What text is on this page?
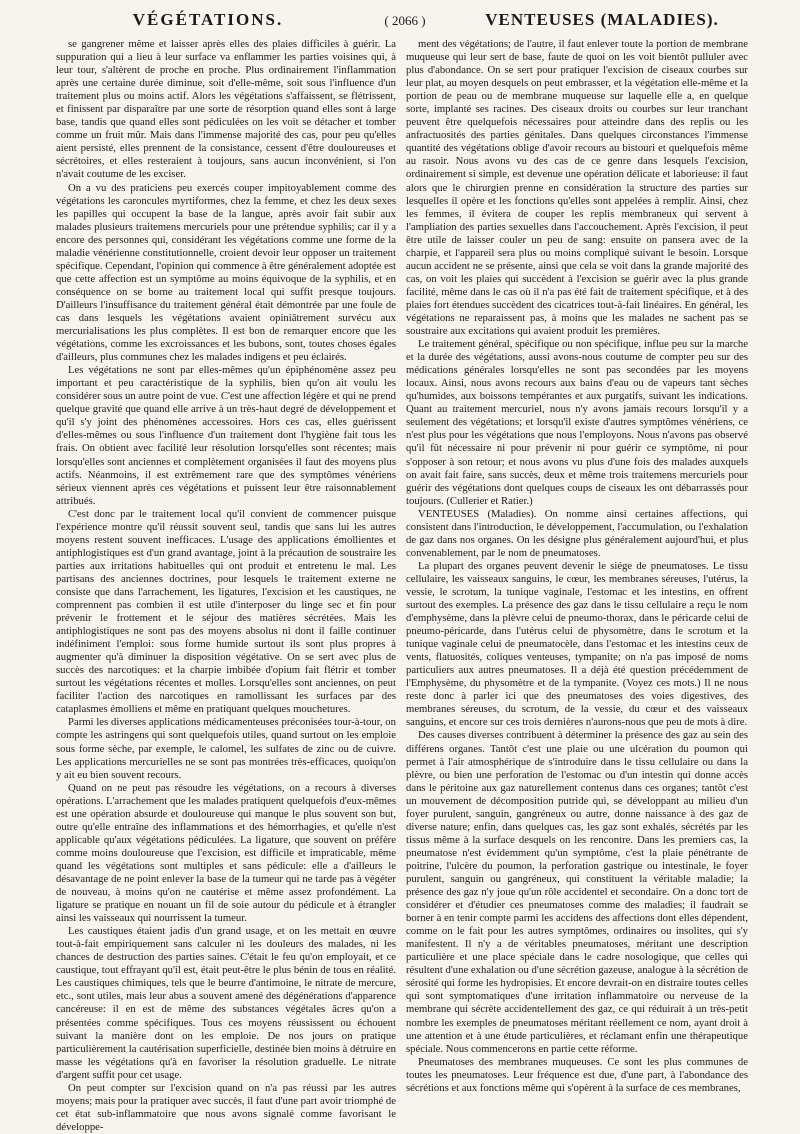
VÉGÉTATIONS.	( 2066 )	VENTEUSES (MALADIES).

se gangrener même et laisser après elles des plaies difficiles à guérir. La suppuration qui a lieu à leur surface va enflammer les parties voisines qui, à leur tour, s'altèrent de proche en proche. Plus ordinairement l'inflammation après une certaine durée diminue, soit d'elle-même, soit sous l'influence d'un traitement plus ou moins actif. Alors les végétations s'affaissent, se flétrissent, et finissent par disparaître par une sorte de résorption quand elles sont à large base, tandis que quand elles sont pédiculées on les voit se détacher et tomber comme un fruit mûr. Mais dans l'immense majorité des cas, pour peu qu'elles aient persisté, elles prennent de la consistance, cessent d'être douloureuses et sécrétoires, et elles resteraient à toujours, sans aucun inconvénient, si l'on n'avait coutume de les exciser.

On a vu des praticiens peu exercés couper impitoyablement comme des végétations les caroncules myrtiformes, chez la femme, et chez les deux sexes les papilles qui occupent la base de la langue, après avoir fait subir aux malades plusieurs traitemens mercuriels pour une prétendue syphilis; car il y a encore des personnes qui, considérant les végétations comme une forme de la maladie vénérienne constitutionnelle, croient devoir leur opposer un traitement spécifique. Cependant, l'opinion qui commence à être généralement adoptée est que cette affection est un symptôme au moins équivoque de la syphilis, et en conséquence on se borne au traitement local qui suffit presque toujours. D'ailleurs l'insuffisance du traitement général était démontrée par une foule de cas dans lesquels les végétations avaient opiniâtrement survécu aux mercurialisations les plus complètes. Il est bon de remarquer encore que les végétations, comme les excroissances et les bubons, sont, toutes choses égales d'ailleurs, plus communes chez les malades indigens et peu éclairés.

Les végétations ne sont par elles-mêmes qu'un épiphénomène assez peu important et peu caractéristique de la syphilis, bien qu'on ait voulu les considérer sous un autre point de vue. C'est une affection légère et qui ne prend quelque gravité que quand elle arrive à un très-haut degré de développement et qu'il s'y joint des phénomènes accessoires. Hors ces cas, elles guérissent d'elles-mêmes ou sous l'influence d'un traitement dont l'hygiène fait tous les frais. On obtient avec facilité leur résolution lorsqu'elles sont récentes; mais lorsqu'elles sont anciennes et complètement organisées il faut des moyens plus actifs. Néanmoins, il est extrêmement rare que des symptômes vénériens sérieux viennent après ces végétations et puissent leur être raisonnablement attribués.

C'est donc par le traitement local qu'il convient de commencer puisque l'expérience montre qu'il réussit souvent seul, tandis que sans lui les autres moyens restent souvent inefficaces. L'usage des applications émollientes et antiphlogistiques est d'un grand avantage, joint à la précaution de soustraire les parties aux irritations habituelles qui ont produit et entretenu le mal. Les partisans des anciennes doctrines, pour lesquels le traitement externe ne consiste que dans l'arrachement, les ligatures, l'excision et les caustiques, ne comprennent pas combien il est utile d'interposer du linge sec et fin pour prévenir le frottement et le séjour des matières sécrétées. Mais les antiphlogistiques ne sont pas des moyens absolus ni dont il faille continuer indéfiniment l'emploi: sous forme humide surtout ils sont plus propres à augmenter qu'à diminuer la disposition végétative. On se sert avec plus de succès des narcotiques: et la charpie imbibée d'opium fait flétrir et tomber surtout les végétations récentes et molles. Lorsqu'elles sont anciennes, on peut faciliter l'action des narcotiques en ramollissant les surfaces par des cataplasmes émolliens et même en pratiquant quelques mouchetures.

Parmi les diverses applications médicamenteuses préconisées tour-à-tour, on compte les astringens qui sont quelquefois utiles, quand surtout on les emploie sous forme sèche, par exemple, le calomel, les sulfates de zinc ou de cuivre. Les applications mercurielles ne se sont pas montrées très-efficaces, quoiqu'on y ait eu bien souvent recours.

Quand on ne peut pas résoudre les végétations, on a recours à diverses opérations. L'arrachement que les malades pratiquent quelquefois d'eux-mêmes est une opération absurde et douloureuse qui manque le plus souvent son but, outre qu'elle entraîne des inflammations et des hémorrhagies, et qu'elle n'est applicable qu'aux végétations pédiculées. La ligature, que souvent on préfère comme moins douloureuse que l'excision, est difficile et impraticable, même quand les végétations sont multiples et sans pédicule: elle a d'ailleurs le désavantage de ne point enlever la base de la tumeur qui ne tarde pas à végéter de nouveau, à moins qu'on ne cautérise et même assez profondément. La ligature se pratique en nouant un fil de soie autour du pédicule et à étrangler ainsi les vaisseaux qui nourrissent la tumeur.

Les caustiques étaient jadis d'un grand usage, et on les mettait en œuvre tout-à-fait empiriquement sans calculer ni les douleurs des malades, ni les chances de destruction des parties saines. C'était le feu qu'on employait, et ce caustique, tout effrayant qu'il est, était peut-être le plus bénin de tous en réalité. Les caustiques chimiques, tels que le beurre d'antimoine, le nitrate de mercure, etc., sont utiles, mais leur abus a souvent amené des dégénérations d'apparence cancéreuse: il en est de même des substances végétales âcres qu'on a présentées comme spécifiques. Tous ces moyens réussissent ou échouent suivant la manière dont on les emploie. De nos jours on pratique particulièrement la cautérisation superficielle, destinée bien moins à détruire en masse les végétations qu'à en favoriser la résolution graduelle. Le nitrate d'argent suffit pour cet usage.

On peut compter sur l'excision quand on n'a pas réussi par les autres moyens; mais pour la pratiquer avec succès, il faut d'une part avoir triomphé de cet état sub-inflammatoire que nous avons signalé comme favorisant le développe-

ment des végétations; de l'autre, il faut enlever toute la portion de membrane muqueuse qui leur sert de base, faute de quoi on les voit bientôt pulluler avec plus d'abondance. On se sert pour pratiquer l'excision de ciseaux courbes sur leur plat, au moyen desquels on peut embrasser, et la végétation elle-même et la portion de peau ou de membrane muqueuse sur laquelle elle a, en quelque sorte, implanté ses racines. Des ciseaux droits ou courbes sur leur tranchant peuvent être quelquefois nécessaires pour atteindre dans des replis ou les anfractuosités des parties génitales. Dans quelques circonstances l'immense quantité des végétations oblige d'avoir recours au bistouri et quelquefois même au rasoir. Nous avons vu des cas de ce genre dans lesquels l'excision, ordinairement si simple, est devenue une opération délicate et laborieuse: il faut alors que le chirurgien prenne en considération la structure des parties sur lesquelles il opère et les fonctions qu'elles sont appelées à remplir. Ainsi, chez les femmes, il évitera de couper les replis membraneux qui servent à l'ampliation des parties sexuelles dans l'accouchement. Après l'excision, il peut être utile de laisser couler un peu de sang: ensuite on pansera avec de la charpie, et l'appareil sera plus ou moins compliqué suivant le besoin. Lorsque aucun accident ne se présente, ainsi que cela se voit dans la grande majorité des cas, on voit les plaies qui succèdent à l'excision se guérir avec la plus grande facilité, même dans le cas où il n'a pas été fait de traitement spécifique, et à des plaies fort étendues succèdent des cicatrices tout-à-fait linéaires. En général, les végétations ne reparaissent pas, à moins que les malades ne sachent pas se soustraire aux excitations qui avaient produit les premières.

Le traitement général, spécifique ou non spécifique, influe peu sur la marche et la durée des végétations, aussi avons-nous coutume de compter peu sur des médications générales lorsqu'elles ne sont pas secondées par les moyens locaux. Ainsi, nous avons recours aux bains d'eau ou de vapeurs tant sèches qu'humides, aux boissons tempérantes et aux purgatifs, suivant les indications. Quant au traitement mercuriel, nous n'y avons jamais recours lorsqu'il y a seulement des végétations; et lorsqu'il existe d'autres symptômes vénériens, ce n'est plus pour les végétations que nous l'employons. Nous n'avons pas observé qu'il fût nécessaire ni pour prévenir ni pour guérir ce symptôme, ni pour s'opposer à son retour; et nous avons vu plus d'une fois des malades auxquels on avait fait faire, sans succès, deux et même trois traitemens mercuriels pour guérir des végétations dont quelques coups de ciseaux les ont débarrassés pour toujours. (Cullerier et Ratier.)

VENTEUSES (Maladies). On nomme ainsi certaines affections, qui consistent dans l'introduction, le développement, l'accumulation, ou l'exhalation de gaz dans nos organes. On les désigne plus généralement aujourd'hui, et plus convenablement, par le nom de pneumatoses.

La plupart des organes peuvent devenir le siége de pneumatoses. Le tissu cellulaire, les vaisseaux sanguins, le cœur, les membranes séreuses, l'utérus, la vessie, le scrotum, la tunique vaginale, l'estomac et les intestins, en offrent surtout des exemples. La présence des gaz dans le tissu cellulaire a reçu le nom d'emphysème, dans la plèvre celui de pneumo-thorax, dans le péricarde celui de pneumo-péricarde, dans l'utérus celui de physomètre, dans le scrotum et la tunique vaginale celui de pneumatocèle, dans l'estomac et les intestins ceux de vents, flatuosités, coliques venteuses, tympanite; on n'a pas imposé de noms particuliers aux autres pneumatoses. Il a déjà été question précédemment de l'Emphysème, du physomètre et de la tympanite. (Voyez ces mots.) Il ne nous reste donc à parler ici que des pneumatoses des voies digestives, des membranes séreuses, du scrotum, de la vessie, du cœur et des vaisseaux sanguins, et encore sur ces trois dernières n'aurons-nous que peu de mots à dire.

Des causes diverses contribuent à déterminer la présence des gaz au sein des différens organes. Tantôt c'est une plaie ou une ulcération du poumon qui permet à l'air atmosphérique de s'introduire dans le tissu cellulaire ou dans la plèvre, ou bien une perforation de l'estomac ou d'un intestin qui donne accès dans le péritoine aux gaz naturellement contenus dans ces organes; tantôt c'est un mouvement de décomposition putride qui, se développant au milieu d'un foyer purulent, sanguin, gangréneux ou autre, donne naissance à des gaz de diverse nature; enfin, dans quelques cas, les gaz sont exhalés, sécrétés par les tissus même à la surface desquels on les rencontre. Dans les premiers cas, la pneumatose n'est évidemment qu'un symptôme, c'est la plaie pénétrante de poitrine, l'ulcère du poumon, la perforation gastrique ou intestinale, le foyer purulent, sanguin ou gangréneux, qui constituent la véritable maladie; la présence des gaz n'y joue qu'un rôle accidentel et secondaire. On a donc tort de considérer et d'étudier ces pneumatoses comme des maladies; il faudrait se borner à en tenir compte parmi les accidens des affections dont elles dépendent, comme on le fait pour les autres symptômes, ordinaires ou insolites, qui s'y manifestent. Il n'y a de véritables pneumatoses, méritant une description particulière et une place spéciale dans le cadre nosologique, que celles qui résultent d'une exhalation ou d'une sécrétion gazeuse, analogue à la sécrétion de sérosité qui forme les hydropisies. Et encore devrait-on en distraire toutes celles qui sont symptomatiques d'une irritation inflammatoire ou nerveuse de la membrane qui sécrète accidentellement des gaz, ce qui réduirait à un très-petit nombre les exemples de pneumatoses méritant réellement ce nom, ayant droit à une attention et à une étude particulières, et réclamant enfin une thérapeutique spéciale. Nous commencerons en partie cette réforme.

Pneumatoses des membranes muqueuses. Ce sont les plus communes de toutes les pneumatoses. Leur fréquence est due, d'une part, à l'abondance des sécrétions et aux fonctions même qui s'opèrent à la surface de ces membranes,
